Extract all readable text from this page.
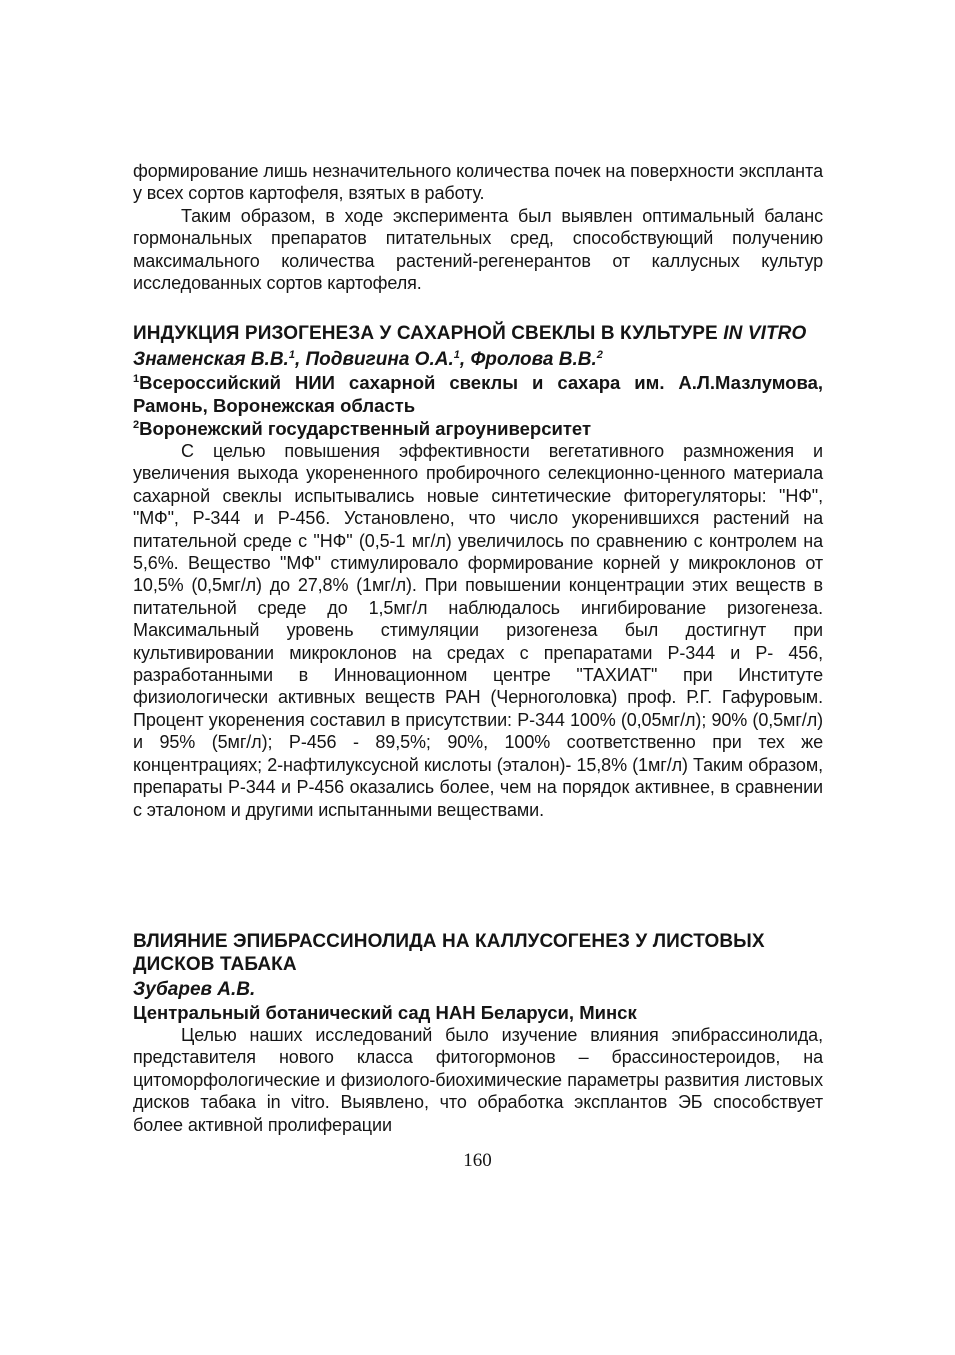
формирование лишь незначительного количества почек на поверхности эксплантa у всех сортов картофеля, взятых в работу.

Таким образом, в ходе эксперимента был выявлен оптимальный баланс гормональных препаратов питательных сред, способствующий получению максимального количества растений-регенерантов от каллусных культур исследованных сортов картофеля.

ИНДУКЦИЯ РИЗОГЕНЕЗА У САХАРНОЙ СВЕКЛЫ В КУЛЬТУРЕ IN VITRO

Знаменская В.В.$^1$, Подвигина О.А.$^1$, Фролова В.В.$^2$

$^1$Всероссийский НИИ сахарной свеклы и сахара им. А.Л.Мазлумова, Рамонь, Воронежская область

$^2$Воронежский государственный агроуниверситет

С целью повышения эффективности вегетативного размножения и увеличения выхода укорененного пробирочного селекционно-ценного материала сахарной свеклы испытывались новые синтетические фиторегуляторы: "НФ", "МФ", Р-344 и Р-456. Установлено, что число укоренившихся растений на питательной среде с "НФ" (0,5-1 мг/л) увеличилось по сравнению с контролем на 5,6%. Вещество "МФ" стимулировало формирование корней у микроклонов от 10,5% (0,5мг/л) до 27,8% (1мг/л). При повышении концентрации этих веществ в питательной среде до 1,5мг/л наблюдалось ингибирование ризогенеза. Максимальный уровень стимуляции ризогенеза был достигнут при культивировании микроклонов на средах с препаратами Р-344 и Р- 456, разработанными в Инновационном центре "ТАХИАТ" при Институте физиологически активных веществ РАН (Черноголовка) проф. Р.Г. Гафуровым. Процент укоренения составил в присутствии: Р-344 100% (0,05мг/л); 90% (0,5мг/л) и 95% (5мг/л); Р-456 - 89,5%; 90%, 100% соответственно при тех же концентрациях; 2-нафтилуксусной кислоты (эталон)- 15,8% (1мг/л) Таким образом, препараты Р-344 и Р-456 оказались более, чем на порядок активнее, в сравнении с эталоном и другими испытанными веществами.

ВЛИЯНИЕ ЭПИБРАССИНОЛИДА НА КАЛЛУСОГЕНЕЗ У ЛИСТОВЫХ ДИСКОВ ТАБАКА

Зубарев А.В.

Центральный ботанический сад НАН Беларуси, Минск

Целью наших исследований было изучение влияния эпибрассинолида, представителя нового класса фитогормонов – брассиностероидов, на цитоморфологические и физиолого-биохимические параметры развития листовых дисков табака in vitro. Выявлено, что обработка эксплантов ЭБ способствует более активной пролиферации

160
